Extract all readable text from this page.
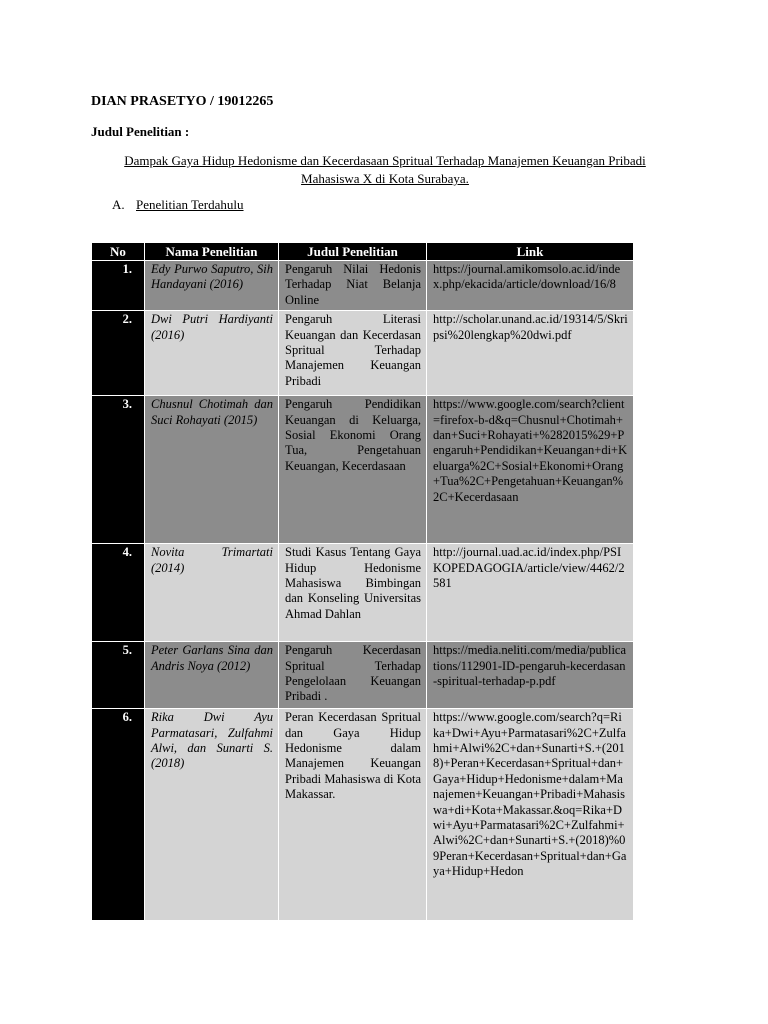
DIAN PRASETYO / 19012265
Judul Penelitian :
Dampak Gaya Hidup Hedonisme dan Kecerdasaan Spritual Terhadap Manajemen Keuangan Pribadi
Mahasiswa X di Kota Surabaya.
A. Penelitian Terdahulu
No	Nama Penelitian	Judul Penelitian	Link
1.	Edy Purwo Saputro, Sih Handayani (2016)	Pengaruh Nilai Hedonis Terhadap Niat Belanja Online	https://journal.amikomsolo.ac.id/index.php/ekacida/article/download/16/8
2.	Dwi Putri Hardiyanti (2016)	Pengaruh Literasi Keuangan dan Kecerdasan Spritual Terhadap Manajemen Keuangan Pribadi	http://scholar.unand.ac.id/19314/5/Skripsi%20lengkap%20dwi.pdf
3.	Chusnul Chotimah dan Suci Rohayati (2015)	Pengaruh Pendidikan Keuangan di Keluarga, Sosial Ekonomi Orang Tua, Pengetahuan Keuangan, Kecerdasaan	https://www.google.com/search?client=firefox-b-d&q=Chusnul+Chotimah+dan+Suci+Rohayati+%282015%29+Pengaruh+Pendidikan+Keuangan+di+Keluarga%2C+Sosial+Ekonomi+Orang+Tua%2C+Pengetahuan+Keuangan%2C+Kecerdasaan
4.	Novita Trimartati (2014)	Studi Kasus Tentang Gaya Hidup Hedonisme Mahasiswa Bimbingan dan Konseling Universitas Ahmad Dahlan	http://journal.uad.ac.id/index.php/PSIKOPEDAGOGIA/article/view/4462/2581
5.	Peter Garlans Sina dan Andris Noya (2012)	Pengaruh Kecerdasan Spritual Terhadap Pengelolaan Keuangan Pribadi .	https://media.neliti.com/media/publications/112901-ID-pengaruh-kecerdasan-spiritual-terhadap-p.pdf
6.	Rika Dwi Ayu Parmatasari, Zulfahmi Alwi, dan Sunarti S. (2018)	Peran Kecerdasan Spritual dan Gaya Hidup Hedonisme dalam Manajemen Keuangan Pribadi Mahasiswa di Kota Makassar.	https://www.google.com/search?q=Rika+Dwi+Ayu+Parmatasari%2C+Zulfahmi+Alwi%2C+dan+Sunarti+S.+(2018)+Peran+Kecerdasan+Spritual+dan+Gaya+Hidup+Hedonisme+dalam+Manajemen+Keuangan+Pribadi+Mahasiswa+di+Kota+Makassar.&oq=Rika+Dwi+Ayu+Parmatasari%2C+Zulfahmi+Alwi%2C+dan+Sunarti+S.+(2018)%09Peran+Kecerdasan+Spritual+dan+Gaya+Hidup+Hedon
